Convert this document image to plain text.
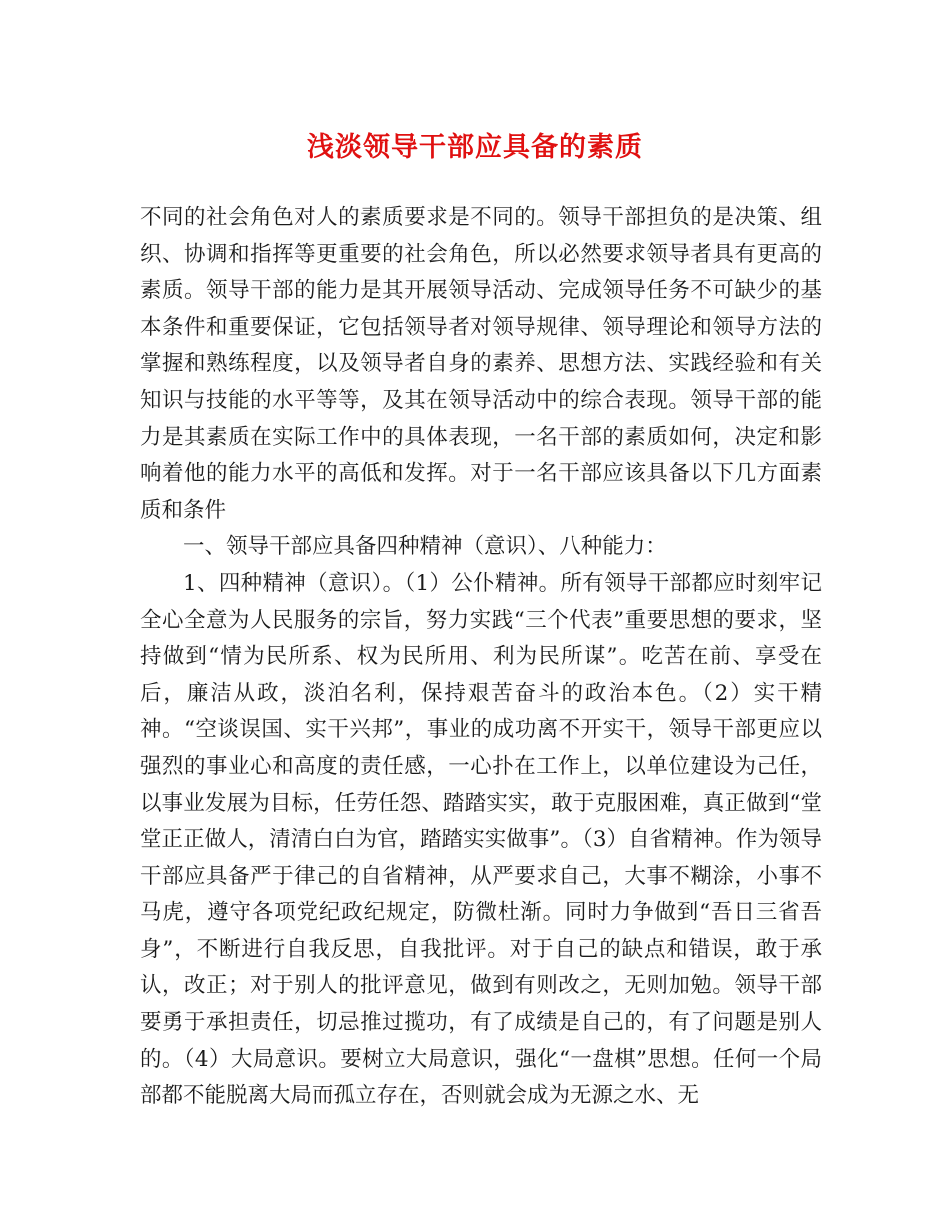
浅淡领导干部应具备的素质

不同的社会角色对人的素质要求是不同的。领导干部担负的是决策、组织、协调和指挥等更重要的社会角色，所以必然要求领导者具有更高的素质。领导干部的能力是其开展领导活动、完成领导任务不可缺少的基本条件和重要保证，它包括领导者对领导规律、领导理论和领导方法的掌握和熟练程度，以及领导者自身的素养、思想方法、实践经验和有关知识与技能的水平等等，及其在领导活动中的综合表现。领导干部的能力是其素质在实际工作中的具体表现，一名干部的素质如何，决定和影响着他的能力水平的高低和发挥。对于一名干部应该具备以下几方面素质和条件

一、领导干部应具备四种精神（意识）、八种能力：

1、四种精神（意识）。（1）公仆精神。所有领导干部都应时刻牢记全心全意为人民服务的宗旨，努力实践“三个代表”重要思想的要求，坚持做到“情为民所系、权为民所用、利为民所谋”。吃苦在前、享受在后，廉洁从政，淡泊名利，保持艰苦奋斗的政治本色。（2）实干精神。“空谈误国、实干兴邦”，事业的成功离不开实干，领导干部更应以强烈的事业心和高度的责任感，一心扑在工作上，以单位建设为己任，以事业发展为目标，任劳任怨、踏踏实实，敢于克服困难，真正做到“堂堂正正做人，清清白白为官，踏踏实实做事”。（3）自省精神。作为领导干部应具备严于律己的自省精神，从严要求自己，大事不糊涂，小事不马虎，遵守各项党纪政纪规定，防微杜渐。同时力争做到“吾日三省吾身”，不断进行自我反思，自我批评。对于自己的缺点和错误，敢于承认，改正；对于别人的批评意见，做到有则改之，无则加勉。领导干部要勇于承担责任，切忌推过揽功，有了成绩是自己的，有了问题是别人的。（4）大局意识。要树立大局意识，强化“一盘棋”思想。任何一个局部都不能脱离大局而孤立存在，否则就会成为无源之水、无
